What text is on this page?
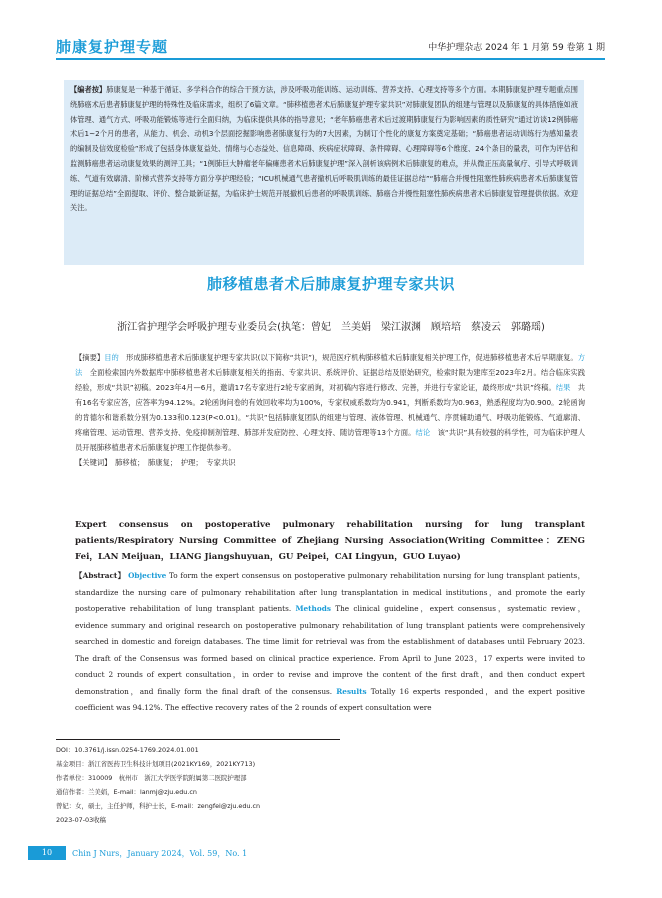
肺康复护理专题	中华护理杂志 2024 年 1 月第 59 卷第 1 期
【编者按】肺康复是一种基于循证、多学科合作的综合干预方法，涉及呼吸功能训练、运动训练、营养支持、心理支持等多个方面。本期肺康复护理专题重点围绕肺癌术后患者肺康复护理的特殊性及临床需求，组织了6篇文章。“肺移植患者术后肺康复护理专家共识”对肺康复团队的组建与管理以及肺康复的具体措施如液体管理、通气方式、呼吸功能锻炼等进行全面归纳，为临床提供具体的指导意见；“老年肺癌患者术后过渡期肺康复行为影响因素的质性研究”通过访谈12例肺癌术后1~2个月的患者，从能力、机会、动机3个层面挖掘影响患者肺康复行为的7大因素，为制订个性化的康复方案奠定基础；“肺癌患者运动训练行为感知量表的编制及信效度检验”形成了包括身体康复益处、情绪与心态益处、信息障碍、疾病症状障碍、条件障碍、心理障碍等6个维度、24个条目的量表，可作为评估和监测肺癌患者运动康复效果的测评工具；“1例肺巨大肿瘤老年偏瘫患者术后肺康复护理”深入剖析该病例术后肺康复的难点，并从微正压高量氧疗、引导式呼吸训练、气道有效廓清、阶梯式营养支持等方面分享护理经验；“ICU机械通气患者撤机后呼吸肌训练的最佳证据总结”“肺癌合并慢性阻塞性肺疾病患者术后肺康复管理的证据总结”全面提取、评价、整合最新证据，为临床护士规范开展撤机后患者的呼吸肌训练、肺癌合并慢性阻塞性肺疾病患者术后肺康复管理提供依据。欢迎关注。
肺移植患者术后肺康复护理专家共识
浙江省护理学会呼吸护理专业委员会(执笔：曾妃　兰美娟　梁江淑渊　顾培培　蔡凌云　郭璐瑶)
【摘要】目的　 形成肺移植患者术后肺康复护理专家共识(以下简称“共识”)，规范医疗机构肺移植术后肺康复相关护理工作，促进肺移植患者术后早期康复。方法　 全面检索国内外数据库中肺移植患者术后肺康复相关的指南、专家共识、系统评价、证据总结及原始研究，检索时限为建库至2023年2月。结合临床实践经验，形成“共识”初稿。2023年4月—6月，邀请17名专家进行2轮专家函询，对初稿内容进行修改、完善，并进行专家论证，最终形成“共识”终稿。结果　 共有16名专家应答，应答率为94.12%。2轮函询问卷的有效回收率均为100%，专家权威系数均为0.941，判断系数均为0.963，熟悉程度均为0.900。2轮函询的肯德尔和谐系数分别为0.133和0.123(P<0.01)。“共识”包括肺康复团队的组建与管理、液体管理、机械通气、序贯辅助通气、呼吸功能锻炼、气道廓清、疼痛管理、运动管理、营养支持、免疫抑制剂管理、肺部并发症防控、心理支持、随访管理等13个方面。结论　 该“共识”具有较强的科学性，可为临床护理人员开展肺移植患者术后肺康复护理工作提供参考。
【关键词】　 肺移植；　肺康复；　护理；　专家共识
Expert consensus on postoperative pulmonary rehabilitation nursing for lung transplant patients/Respiratory Nursing Committee of Zhejiang Nursing Association(Writing Committee：ZENG Fei，LAN Meijuan，LIANG Jiangshuyuan，GU Peipei，CAI Lingyun，GUO Luyao)
【Abstract】 Objective To form the expert consensus on postoperative pulmonary rehabilitation nursing for lung transplant patients，standardize the nursing care of pulmonary rehabilitation after lung transplantation in medical institutions，and promote the early postoperative rehabilitation of lung transplant patients. Methods The clinical guideline，expert consensus，systematic review，evidence summary and original research on postoperative pulmonary rehabilitation of lung transplant patients were comprehensively searched in domestic and foreign databases. The time limit for retrieval was from the establishment of databases until February 2023. The draft of the Consensus was formed based on clinical practice experience. From April to June 2023，17 experts were invited to conduct 2 rounds of expert consultation，in order to revise and improve the content of the first draft，and then conduct expert demonstration，and finally form the final draft of the consensus. Results Totally 16 experts responded，and the expert positive coefficient was 94.12%. The effective recovery rates of the 2 rounds of expert consultation were
DOI：10.3761/j.issn.0254-1769.2024.01.001
基金项目：浙江省医药卫生科技计划项目(2021KY169，2021KY713)
作者单位：310009　杭州市　浙江大学医学院附属第二医院护理部
通信作者：兰美娟，E-mail：lanmj@zju.edu.cn
曾妃：女，硕士，主任护师，科护士长，E-mail：zengfei@zju.edu.cn
2023-07-03收稿
10	Chin J Nurs，January 2024，Vol. 59，No. 1
